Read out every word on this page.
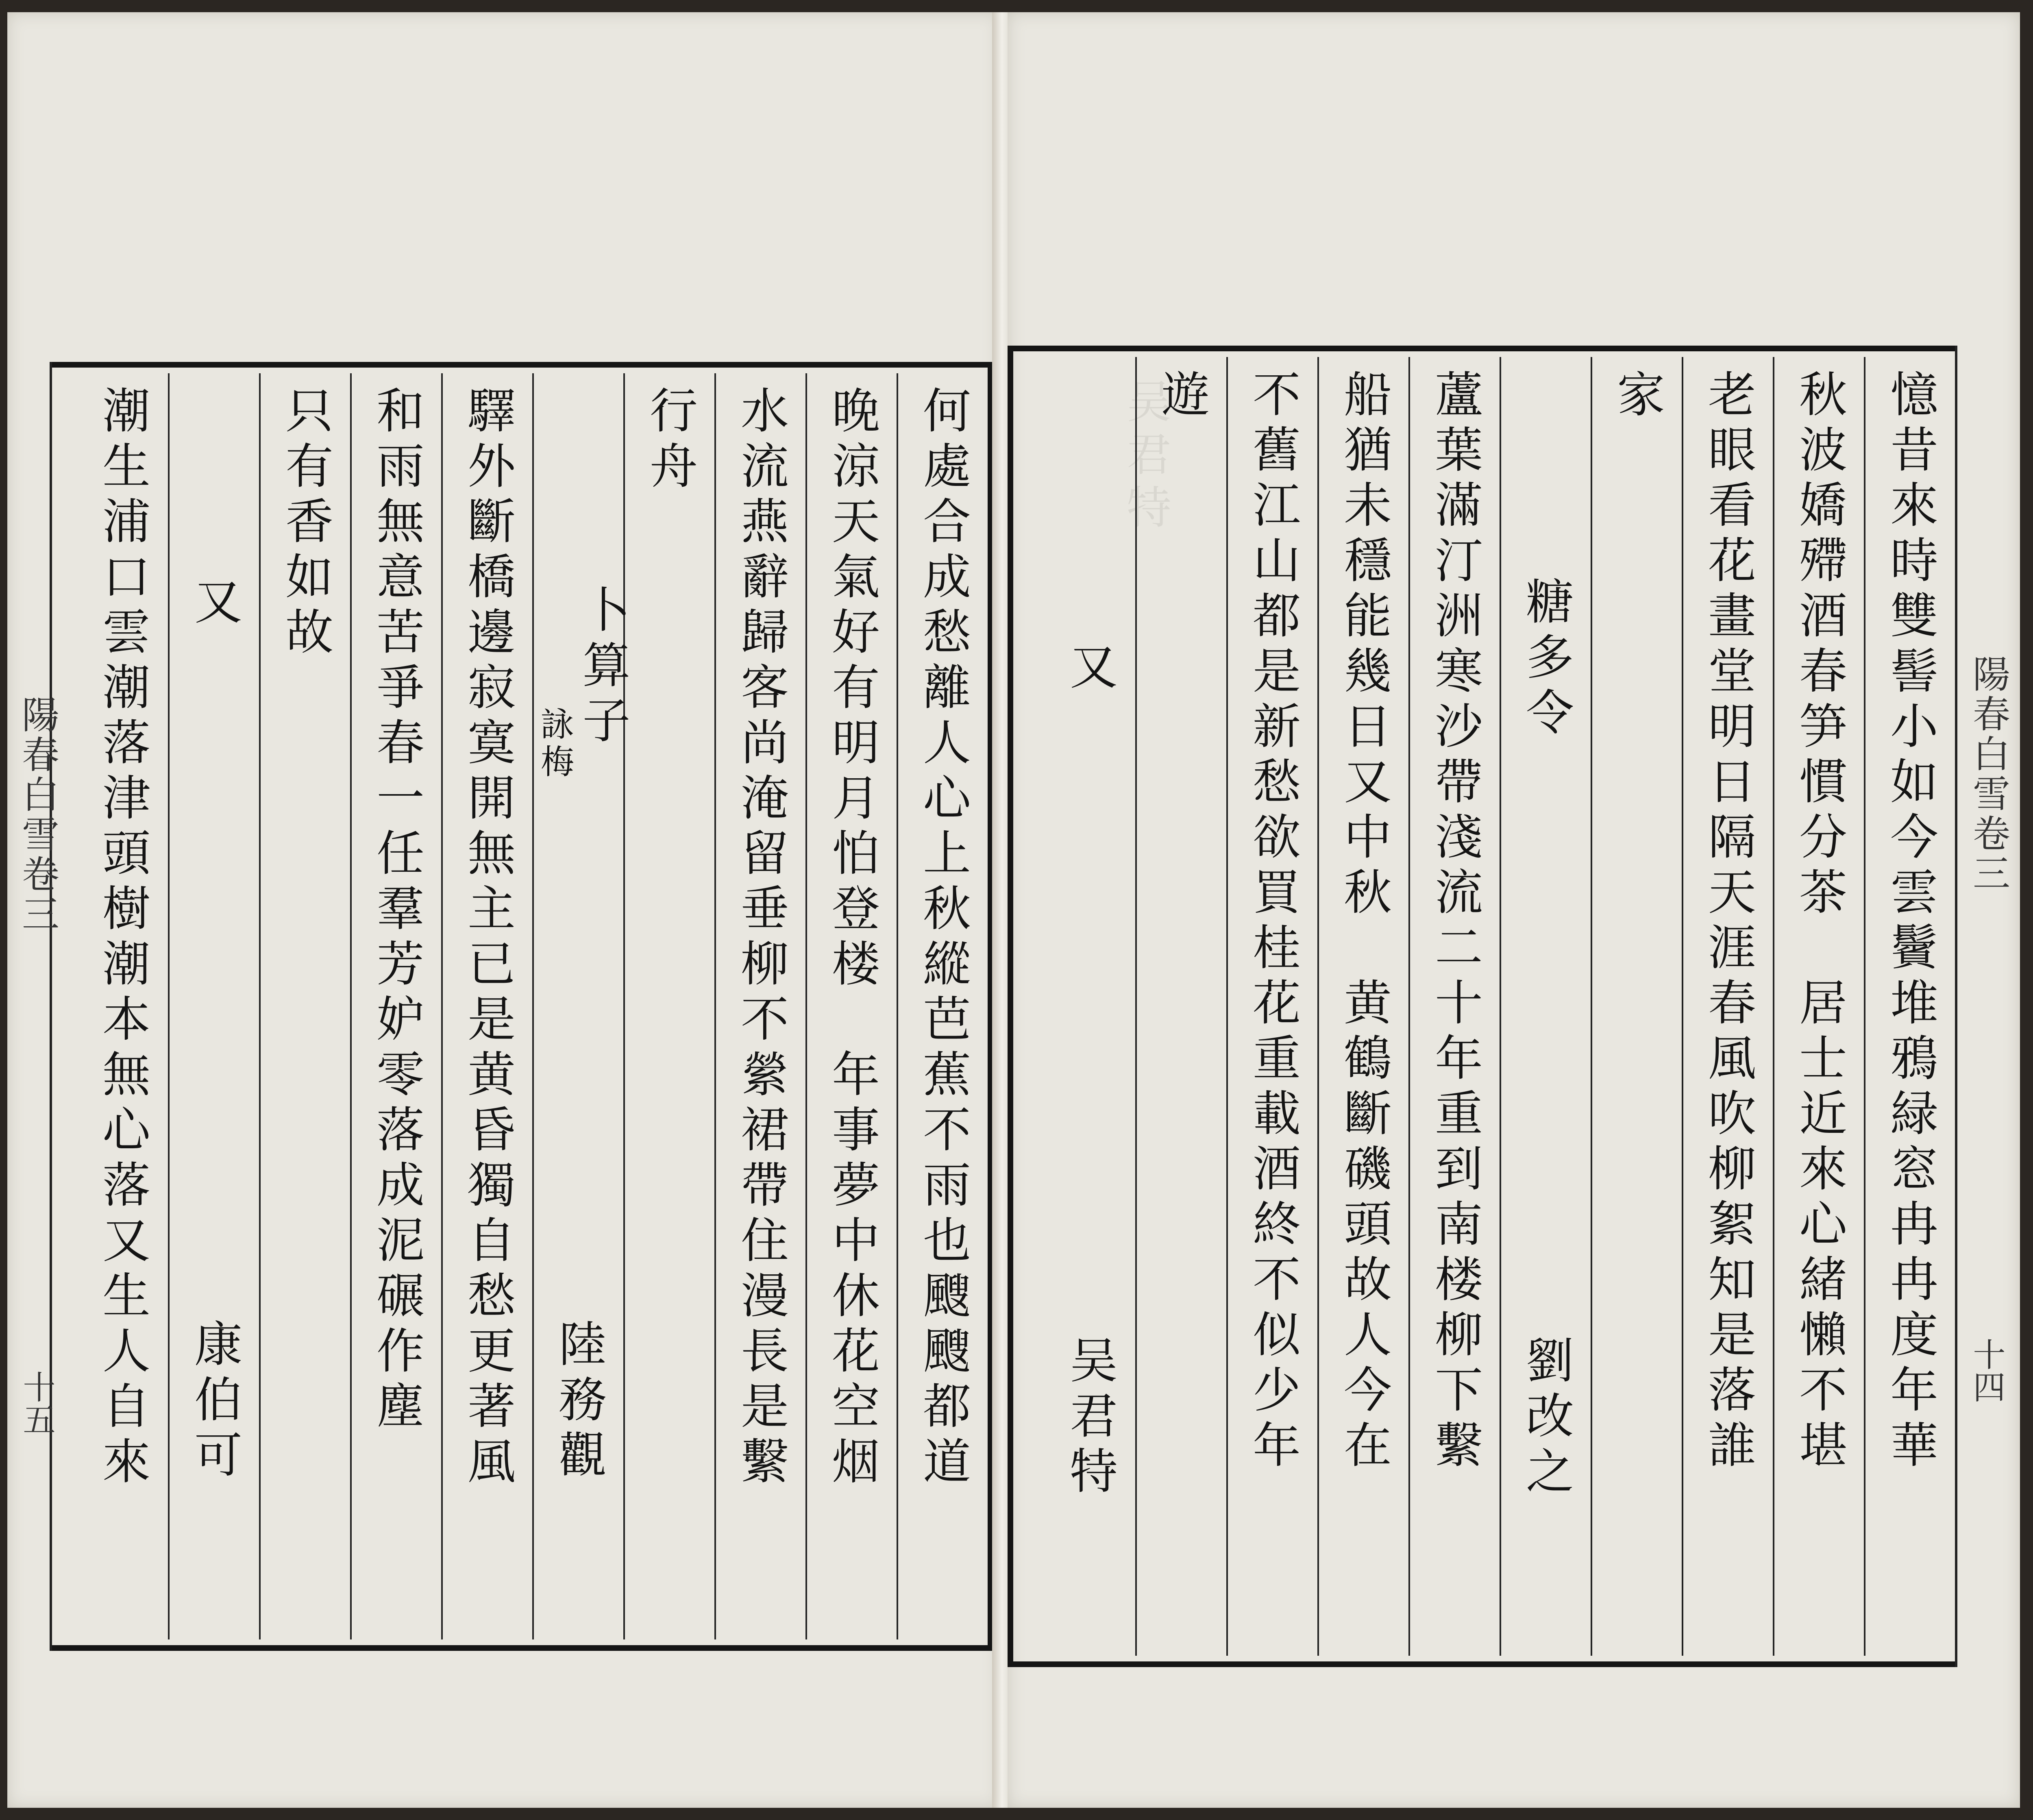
陽春白雪卷三
十五	何處合成愁離人心上秋縱芭蕉不雨也颼颼都道
晚涼天氣好有明月怕登楼　年事夢中休花空烟
水流燕辭歸客尚淹留垂柳不縈裙帶住漫長是繫
行舟
卜算子
詠梅
陸務觀
驛外斷橋邊寂寞開無主已是黄昏獨自愁更著風
和雨無意苦爭春一任羣芳妒零落成泥碾作塵
只有香如故
又
康伯可
潮生浦口雲潮落津頭樹潮本無心落又生人自來	吴君特	憶昔來時雙髻小如今雲鬢堆鴉緑窓冉冉度年華
秋波嬌殢酒春笋慣分茶　居士近來心緒懶不堪
老眼看花畫堂明日隔天涯春風吹柳絮知是落誰
家
糖多令
劉改之
蘆葉滿汀洲寒沙帶淺流二十年重到南楼柳下繫
船猶未穩能幾日又中秋　黄鶴斷磯頭故人今在
不舊江山都是新愁欲買桂花重載酒終不似少年
遊
又
吴君特
陽春白雪卷三
十四
